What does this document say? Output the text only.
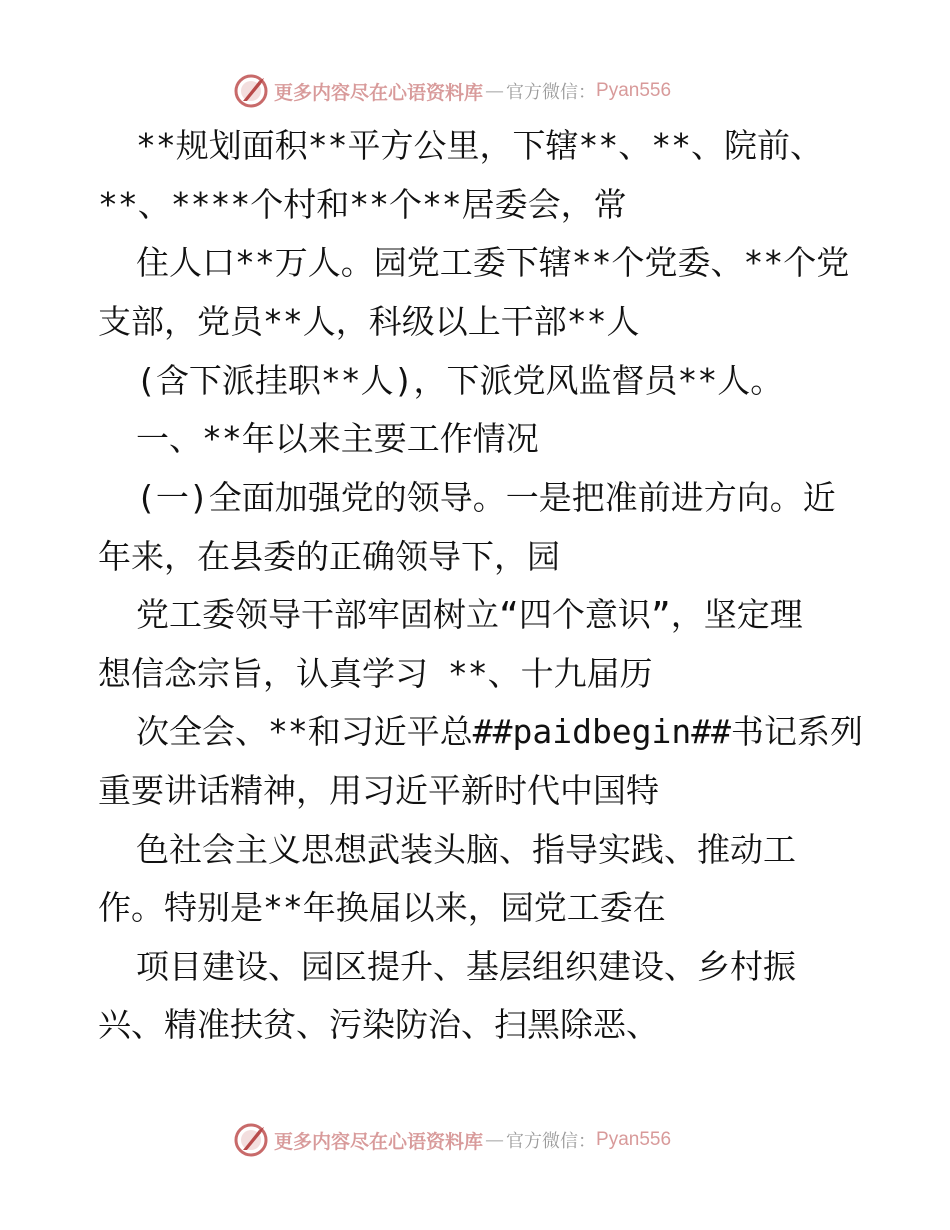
更多内容尽在心语资料库 — 官方微信： Pyan556
**规划面积**平方公里，下辖**、**、院前、
**、****个村和**个**居委会，常
住人口**万人。园党工委下辖**个党委、**个党
支部，党员**人，科级以上干部**人
(含下派挂职**人)，下派党风监督员**人。
一、**年以来主要工作情况
(一)全面加强党的领导。一是把准前进方向。近
年来，在县委的正确领导下，园
党工委领导干部牢固树立“四个意识”，坚定理
想信念宗旨，认真学习 **、十九届历
次全会、**和习近平总##paidbegin##书记系列
重要讲话精神，用习近平新时代中国特
色社会主义思想武装头脑、指导实践、推动工
作。特别是**年换届以来，园党工委在
项目建设、园区提升、基层组织建设、乡村振
兴、精准扶贫、污染防治、扫黑除恶、
更多内容尽在心语资料库 — 官方微信： Pyan556
